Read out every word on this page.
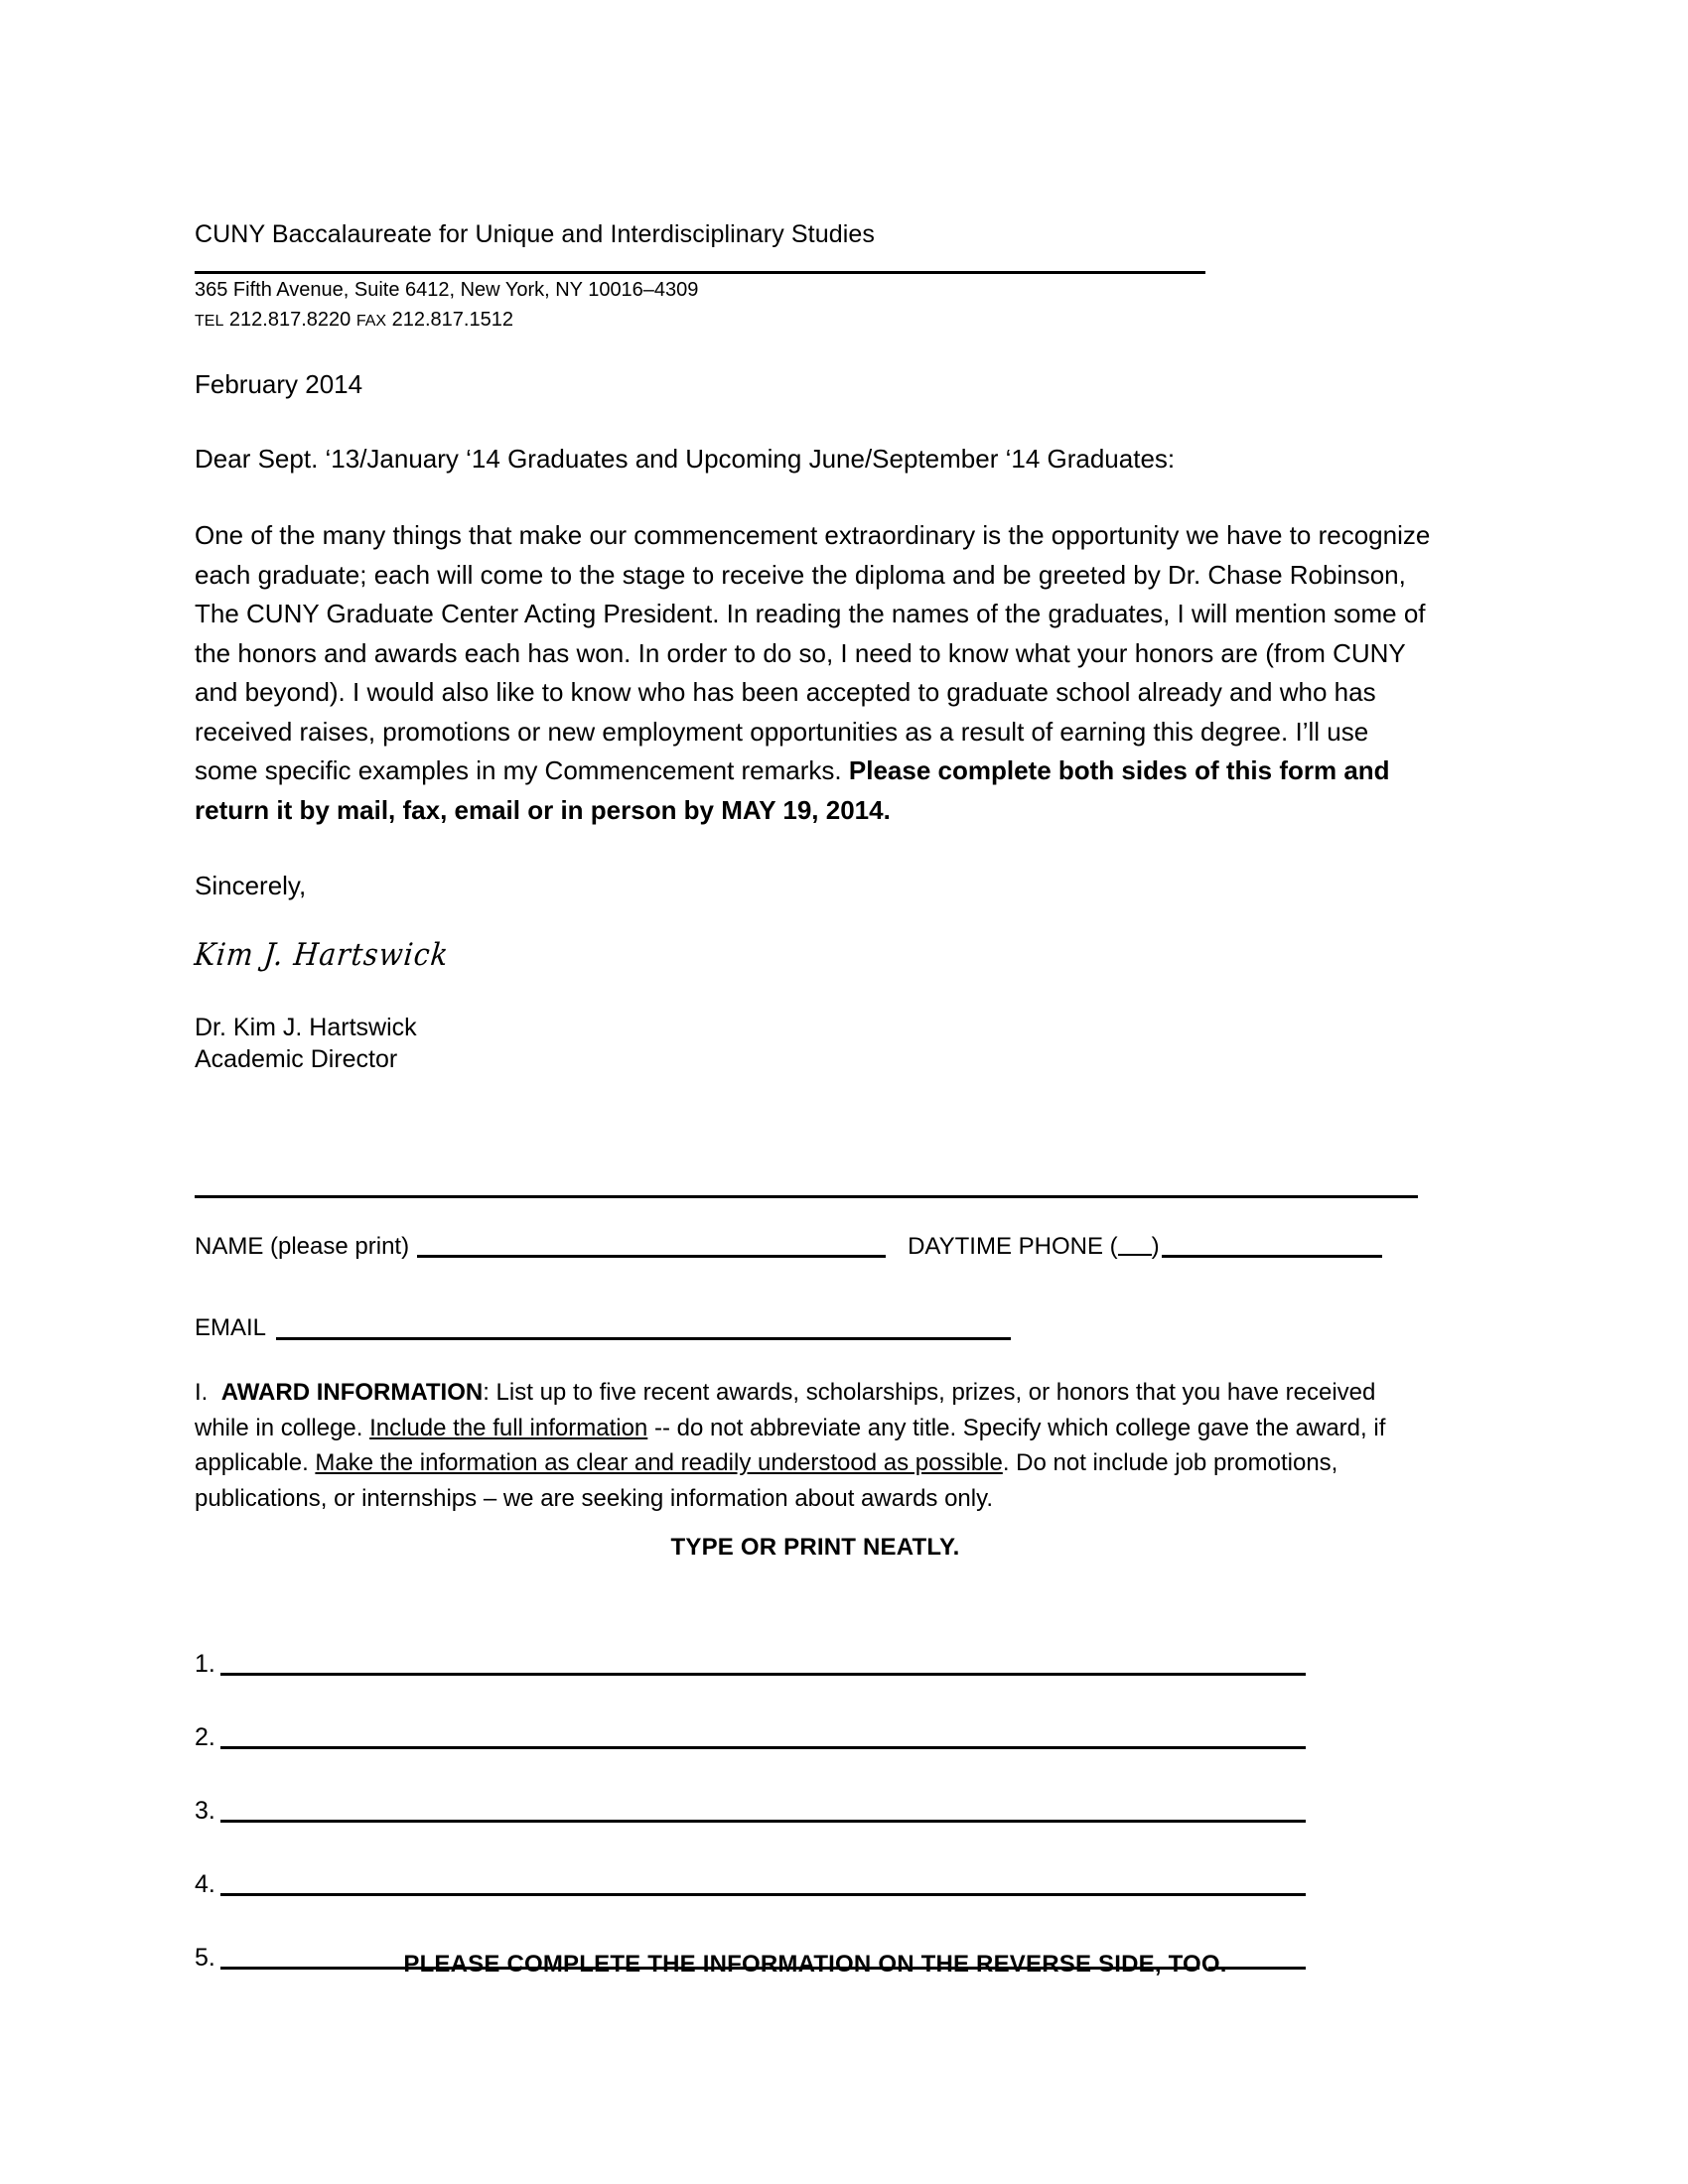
CUNY Baccalaureate for Unique and Interdisciplinary Studies
365 Fifth Avenue, Suite 6412, New York, NY 10016–4309
TEL 212.817.8220 FAX 212.817.1512
February 2014
Dear Sept. ‘13/January ‘14 Graduates and Upcoming June/September ‘14 Graduates:
One of the many things that make our commencement extraordinary is the opportunity we have to recognize each graduate; each will come to the stage to receive the diploma and be greeted by Dr. Chase Robinson, The CUNY Graduate Center Acting President. In reading the names of the graduates, I will mention some of the honors and awards each has won. In order to do so, I need to know what your honors are (from CUNY and beyond). I would also like to know who has been accepted to graduate school already and who has received raises, promotions or new employment opportunities as a result of earning this degree. I’ll use some specific examples in my Commencement remarks. Please complete both sides of this form and return it by mail, fax, email or in person by MAY 19, 2014.
Sincerely,
Kim J. Hartswick
Dr. Kim J. Hartswick
Academic Director
NAME (please print)	DAYTIME PHONE ( )
EMAIL
I. AWARD INFORMATION: List up to five recent awards, scholarships, prizes, or honors that you have received while in college. Include the full information -- do not abbreviate any title. Specify which college gave the award, if applicable. Make the information as clear and readily understood as possible. Do not include job promotions, publications, or internships – we are seeking information about awards only.
TYPE OR PRINT NEATLY.
1.
2.
3.
4.
5.	PLEASE COMPLETE THE INFORMATION ON THE REVERSE SIDE, TOO.
